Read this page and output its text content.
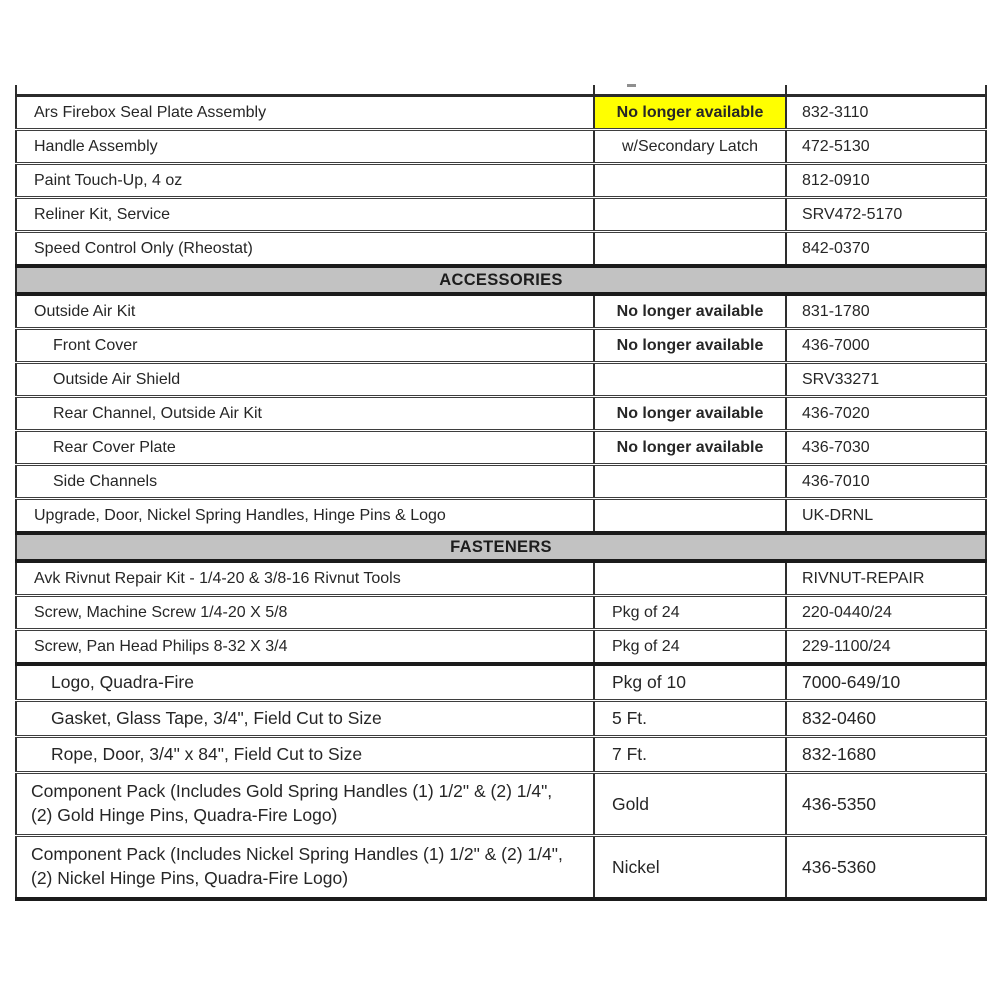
Ars Firebox Seal Plate Assembly	No longer available	832-3110
Handle Assembly	w/Secondary Latch	472-5130
Paint Touch-Up, 4 oz		812-0910
Reliner Kit, Service		SRV472-5170
Speed Control Only (Rheostat)		842-0370
ACCESSORIES		
Outside Air Kit	No longer available	831-1780
Front Cover	No longer available	436-7000
Outside Air Shield		SRV33271
Rear Channel, Outside Air Kit	No longer available	436-7020
Rear Cover Plate	No longer available	436-7030
Side Channels		436-7010
Upgrade, Door, Nickel Spring Handles, Hinge Pins & Logo		UK-DRNL
FASTENERS		
Avk Rivnut Repair Kit - 1/4-20 & 3/8-16 Rivnut Tools		RIVNUT-REPAIR
Screw, Machine Screw 1/4-20 X 5/8	Pkg of 24	220-0440/24
Screw, Pan Head Philips 8-32 X 3/4	Pkg of 24	229-1100/24
Logo, Quadra-Fire	Pkg of 10	7000-649/10
Gasket, Glass Tape, 3/4", Field Cut to Size	5 Ft.	832-0460
Rope, Door, 3/4" x 84", Field Cut to Size	7 Ft.	832-1680
Component Pack (Includes Gold Spring Handles (1) 1/2" & (2) 1/4", (2) Gold Hinge Pins, Quadra-Fire Logo)	Gold	436-5350
Component Pack (Includes Nickel Spring Handles (1) 1/2" & (2) 1/4", (2) Nickel Hinge Pins, Quadra-Fire Logo)	Nickel	436-5360
